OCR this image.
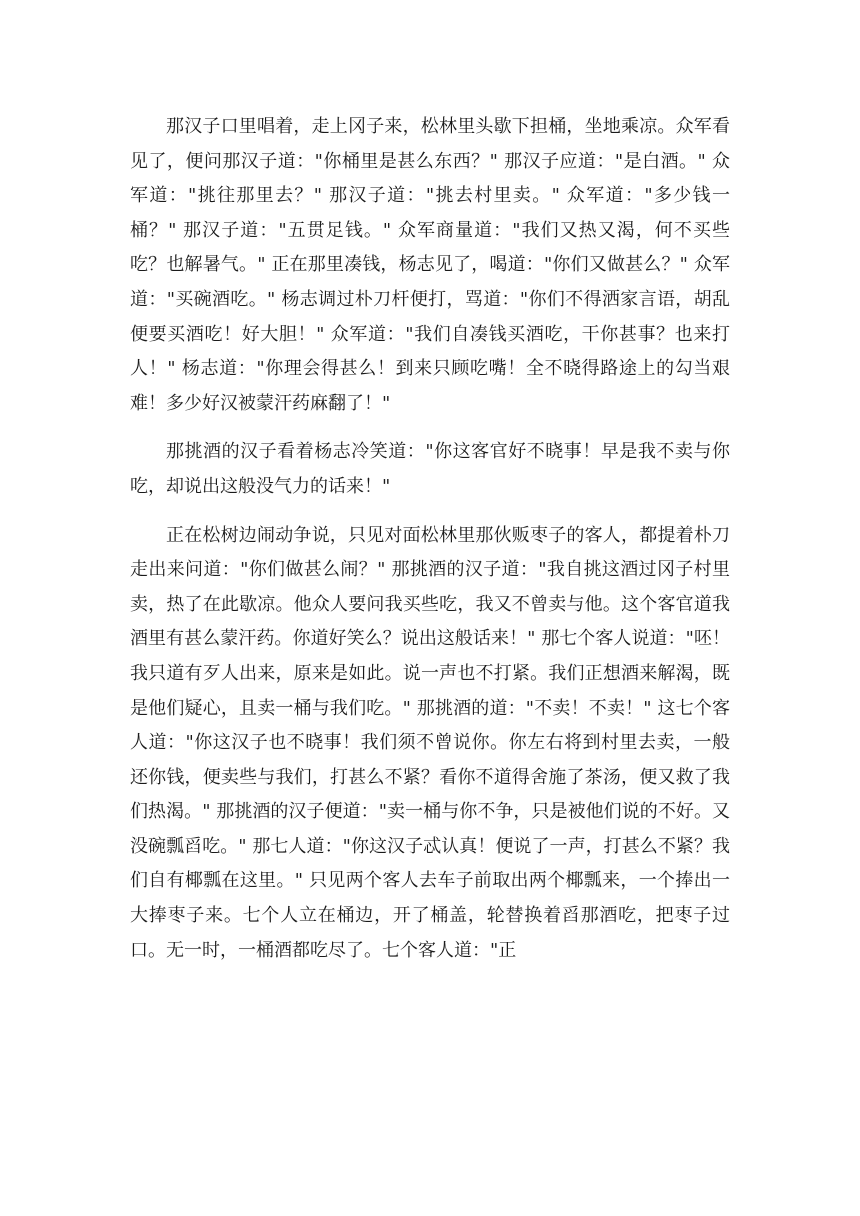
那汉子口里唱着，走上冈子来，松林里头歇下担桶，坐地乘凉。众军看见了，便问那汉子道："你桶里是甚么东西？" 那汉子应道："是白酒。" 众军道："挑往那里去？" 那汉子道："挑去村里卖。" 众军道："多少钱一桶？" 那汉子道："五贯足钱。" 众军商量道："我们又热又渴，何不买些吃？也解暑气。" 正在那里凑钱，杨志见了，喝道："你们又做甚么？" 众军道："买碗酒吃。" 杨志调过朴刀杆便打，骂道："你们不得洒家言语，胡乱便要买酒吃！好大胆！" 众军道："我们自凑钱买酒吃，干你甚事？也来打人！" 杨志道："你理会得甚么！到来只顾吃嘴！全不晓得路途上的勾当艰难！多少好汉被蒙汗药麻翻了！"

那挑酒的汉子看着杨志冷笑道："你这客官好不晓事！早是我不卖与你吃，却说出这般没气力的话来！"

正在松树边闹动争说，只见对面松林里那伙贩枣子的客人，都提着朴刀走出来问道："你们做甚么闹？" 那挑酒的汉子道："我自挑这酒过冈子村里卖，热了在此歇凉。他众人要问我买些吃，我又不曾卖与他。这个客官道我酒里有甚么蒙汗药。你道好笑么？说出这般话来！" 那七个客人说道："呸！我只道有歹人出来，原来是如此。说一声也不打紧。我们正想酒来解渴，既是他们疑心，且卖一桶与我们吃。" 那挑酒的道："不卖！不卖！" 这七个客人道："你这汉子也不晓事！我们须不曾说你。你左右将到村里去卖，一般还你钱，便卖些与我们，打甚么不紧？看你不道得舍施了茶汤，便又救了我们热渴。" 那挑酒的汉子便道："卖一桶与你不争，只是被他们说的不好。又没碗瓢舀吃。" 那七人道："你这汉子忒认真！便说了一声，打甚么不紧？我们自有椰瓢在这里。" 只见两个客人去车子前取出两个椰瓢来，一个捧出一大捧枣子来。七个人立在桶边，开了桶盖，轮替换着舀那酒吃，把枣子过口。无一时，一桶酒都吃尽了。七个客人道："正
